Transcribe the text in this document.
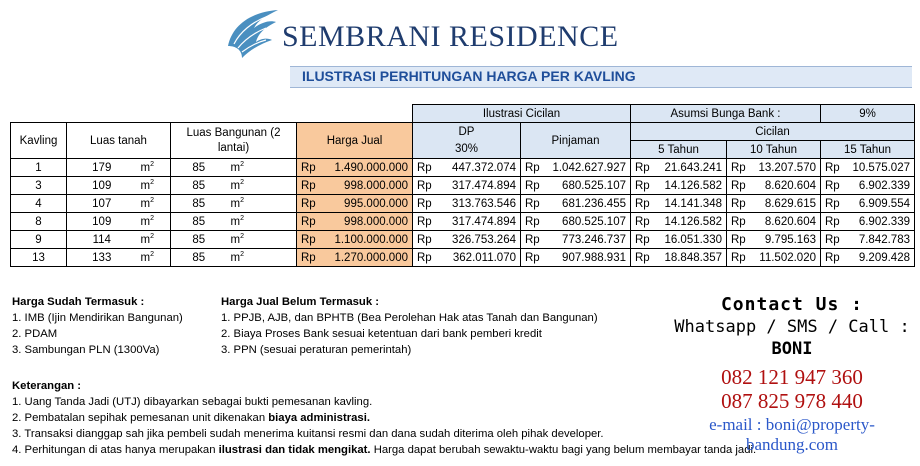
SEMBRANI RESIDENCE
ILUSTRASI PERHITUNGAN HARGA PER KAVLING
							Ilustrasi Cicilan				Asumsi Bunga Bank :				9%	
Kavling	Luas tanah		Luas Bangunan (2 lantai)		Harga Jual		DP		Pinjaman		Cicilan					
							30%				5 Tahun		10 Tahun		15 Tahun	
1	179	$m^2$	85	$m^2$	Rp	1.490.000.000	Rp	447.372.074	Rp	1.042.627.927	Rp	21.643.241	Rp	13.207.570	Rp	10.575.027
3	109	$m^2$	85	$m^2$	Rp	998.000.000	Rp	317.474.894	Rp	680.525.107	Rp	14.126.582	Rp	8.620.604	Rp	6.902.339
4	107	$m^2$	85	$m^2$	Rp	995.000.000	Rp	313.763.546	Rp	681.236.455	Rp	14.141.348	Rp	8.629.615	Rp	6.909.554
8	109	$m^2$	85	$m^2$	Rp	998.000.000	Rp	317.474.894	Rp	680.525.107	Rp	14.126.582	Rp	8.620.604	Rp	6.902.339
9	114	$m^2$	85	$m^2$	Rp	1.100.000.000	Rp	326.753.264	Rp	773.246.737	Rp	16.051.330	Rp	9.795.163	Rp	7.842.783
13	133	$m^2$	85	$m^2$	Rp	1.270.000.000	Rp	362.011.070	Rp	907.988.931	Rp	18.848.357	Rp	11.502.020	Rp	9.209.428
Harga Sudah Termasuk :
1. IMB (Ijin Mendirikan Bangunan)
2. PDAM
3. Sambungan PLN (1300Va)
Harga Jual Belum Termasuk :
1. PPJB, AJB, dan BPHTB (Bea Perolehan Hak atas Tanah dan Bangunan)
2. Biaya Proses Bank sesuai ketentuan dari bank pemberi kredit
3. PPN (sesuai peraturan pemerintah)
Keterangan :
1. Uang Tanda Jadi (UTJ) dibayarkan sebagai bukti pemesanan kavling.
2. Pembatalan sepihak pemesanan unit dikenakan biaya administrasi.
3. Transaksi dianggap sah jika pembeli sudah menerima kuitansi resmi dan dana sudah diterima oleh pihak developer.
4. Perhitungan di atas hanya merupakan ilustrasi dan tidak mengikat. Harga dapat berubah sewaktu-waktu bagi yang belum membayar tanda jadi.
Contact Us :
Whatsapp / SMS / Call :
BONI
082 121 947 360
087 825 978 440
e-mail : boni@property-bandung.com
